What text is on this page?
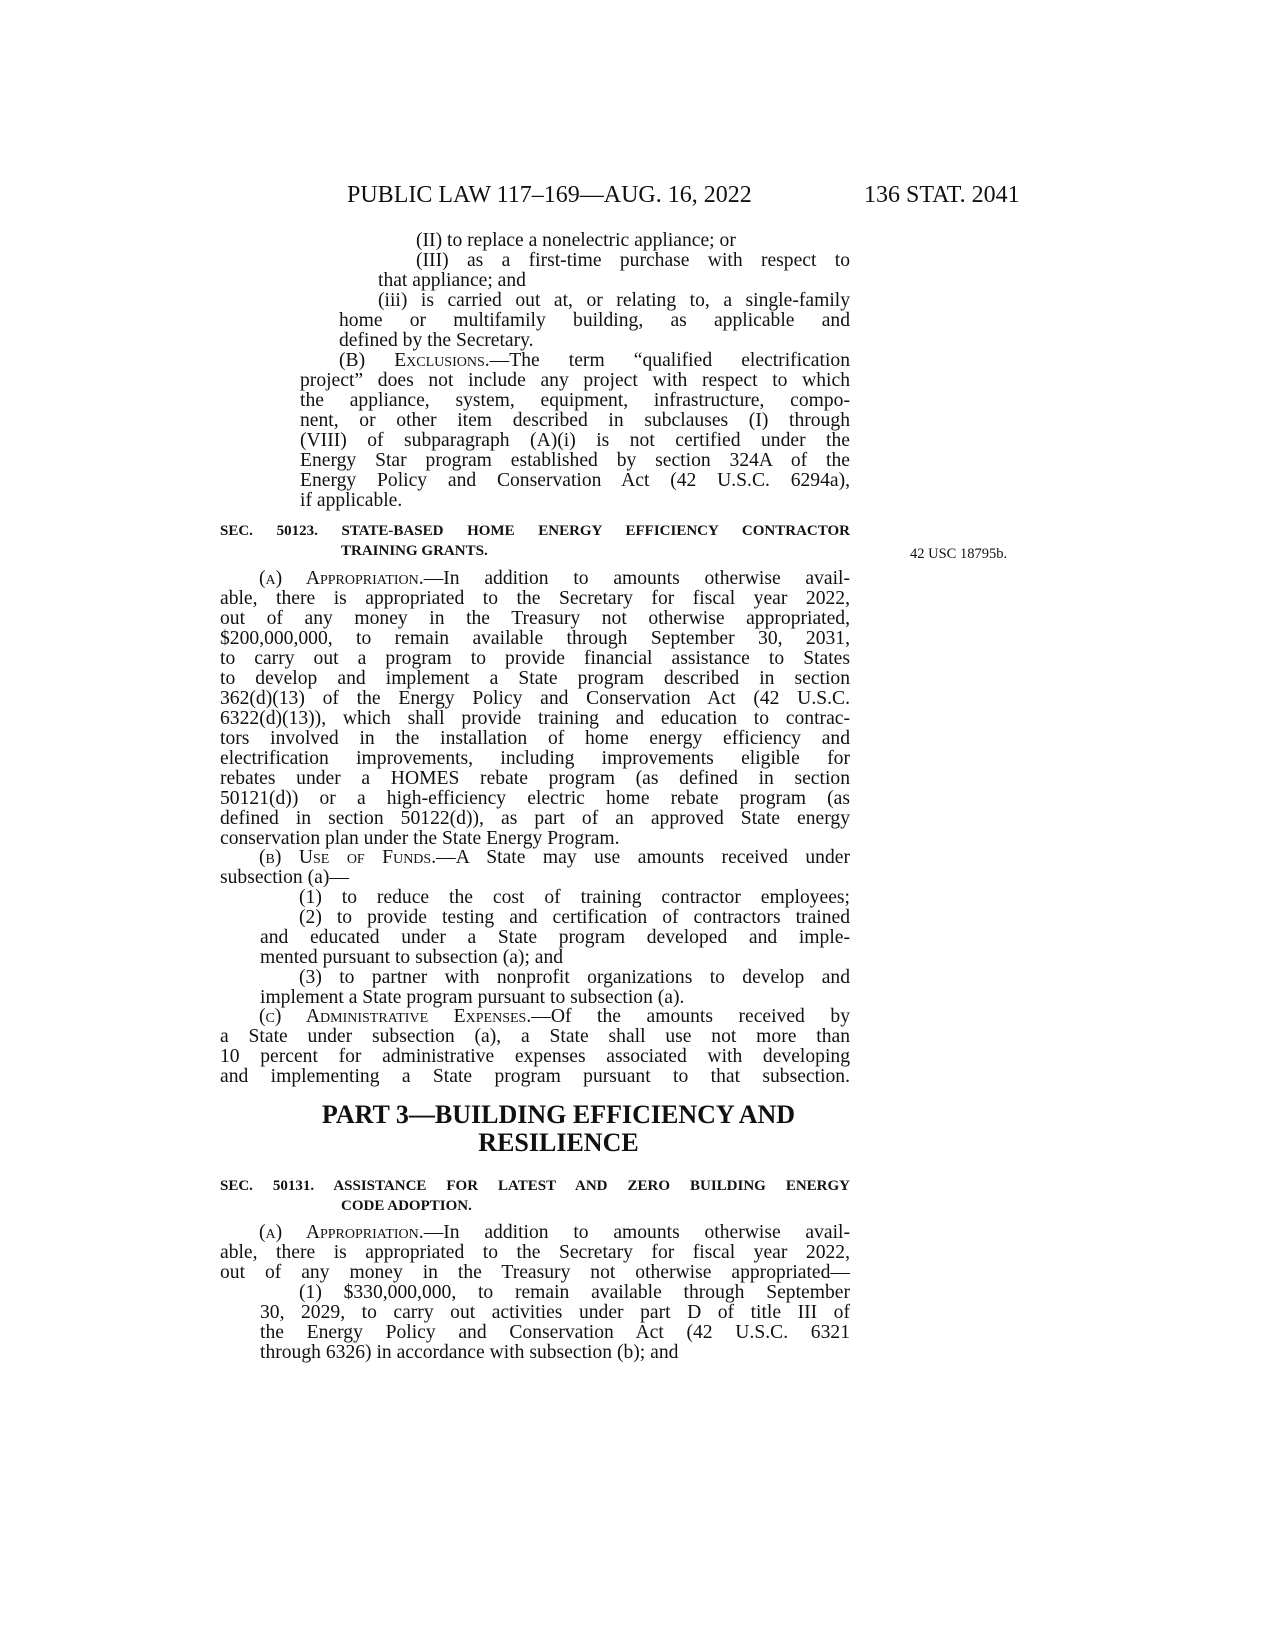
PUBLIC LAW 117–169—AUG. 16, 2022	136 STAT. 2041
(II) to replace a nonelectric appliance; or
(III) as a first-time purchase with respect to
that appliance; and
(iii) is carried out at, or relating to, a single-family
home or multifamily building, as applicable and
defined by the Secretary.
(B) Exclusions.—The term “qualified electrification
project” does not include any project with respect to which
the appliance, system, equipment, infrastructure, compo-
nent, or other item described in subclauses (I) through
(VIII) of subparagraph (A)(i) is not certified under the
Energy Star program established by section 324A of the
Energy Policy and Conservation Act (42 U.S.C. 6294a),
if applicable.
SEC. 50123. STATE-BASED HOME ENERGY EFFICIENCY CONTRACTOR
TRAINING GRANTS.	42 USC 18795b.
(a) Appropriation.—In addition to amounts otherwise avail-
able, there is appropriated to the Secretary for fiscal year 2022,
out of any money in the Treasury not otherwise appropriated,
$200,000,000, to remain available through September 30, 2031,
to carry out a program to provide financial assistance to States
to develop and implement a State program described in section
362(d)(13) of the Energy Policy and Conservation Act (42 U.S.C.
6322(d)(13)), which shall provide training and education to contrac-
tors involved in the installation of home energy efficiency and
electrification improvements, including improvements eligible for
rebates under a HOMES rebate program (as defined in section
50121(d)) or a high-efficiency electric home rebate program (as
defined in section 50122(d)), as part of an approved State energy
conservation plan under the State Energy Program.
(b) Use of Funds.—A State may use amounts received under
subsection (a)—
(1) to reduce the cost of training contractor employees;
(2) to provide testing and certification of contractors trained
and educated under a State program developed and imple-
mented pursuant to subsection (a); and
(3) to partner with nonprofit organizations to develop and
implement a State program pursuant to subsection (a).
(c) Administrative Expenses.—Of the amounts received by
a State under subsection (a), a State shall use not more than
10 percent for administrative expenses associated with developing
and implementing a State program pursuant to that subsection.
PART 3—BUILDING EFFICIENCY AND
RESILIENCE
SEC. 50131. ASSISTANCE FOR LATEST AND ZERO BUILDING ENERGY
CODE ADOPTION.
(a) Appropriation.—In addition to amounts otherwise avail-
able, there is appropriated to the Secretary for fiscal year 2022,
out of any money in the Treasury not otherwise appropriated—
(1) $330,000,000, to remain available through September
30, 2029, to carry out activities under part D of title III of
the Energy Policy and Conservation Act (42 U.S.C. 6321
through 6326) in accordance with subsection (b); and
